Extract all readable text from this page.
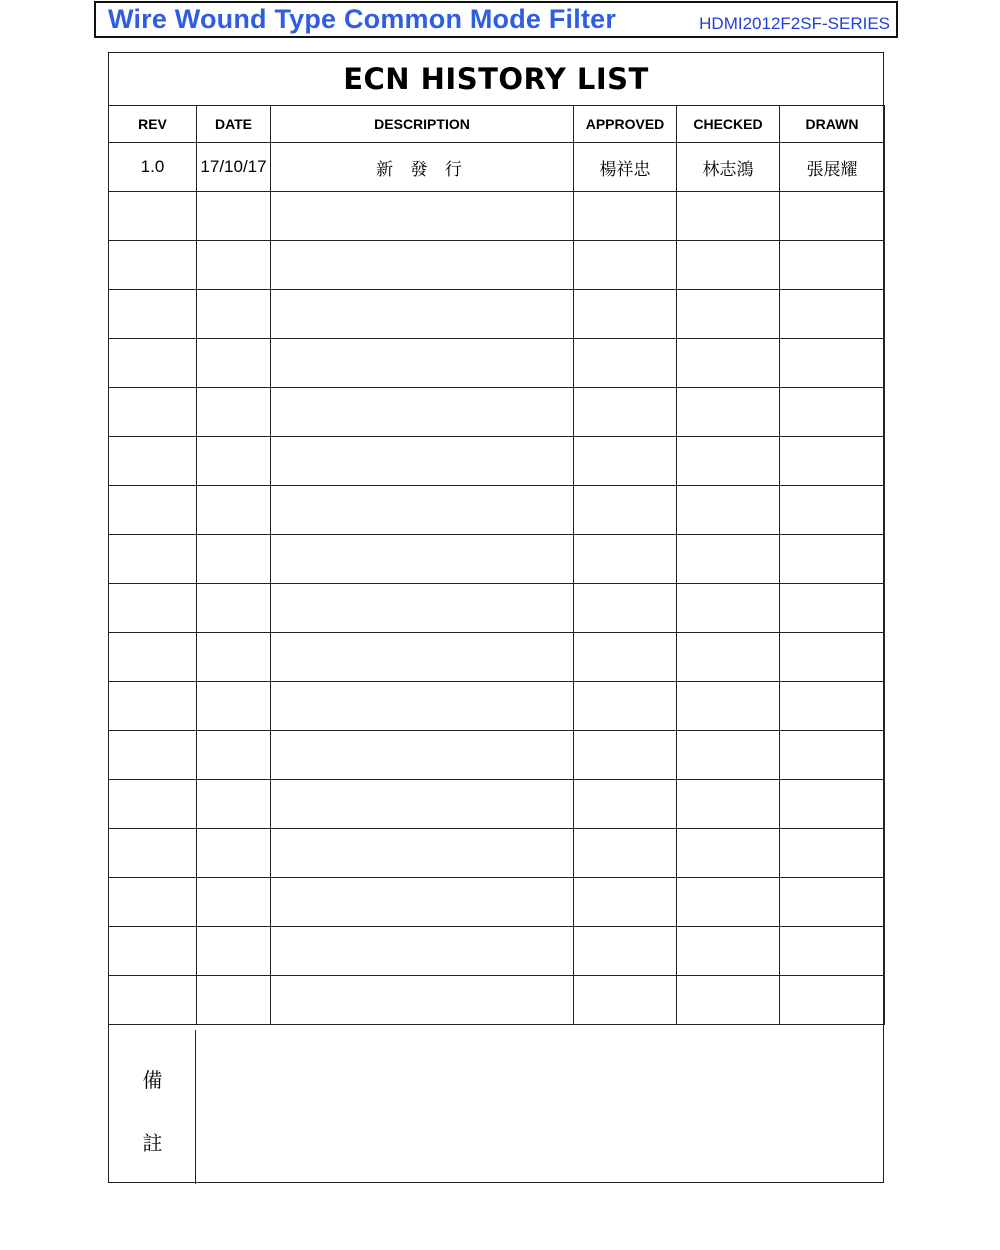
Wire Wound Type Common Mode Filter	HDMI2012F2SF-SERIES
ECN HISTORY LIST
REV	DATE	DESCRIPTION	APPROVED	CHECKED	DRAWN
1.0	17/10/17	新 發 行	楊祥忠	林志鴻	張展耀

備
註
